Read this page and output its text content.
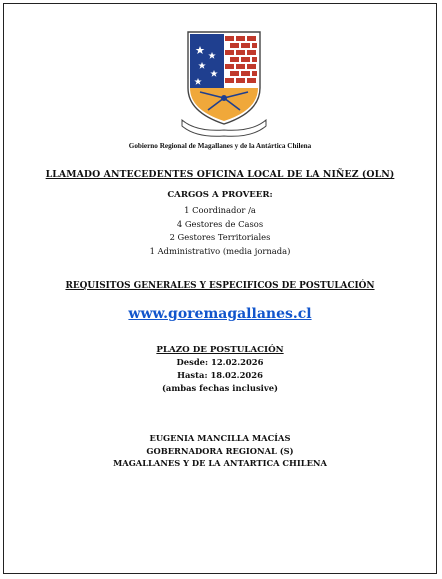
Gobierno Regional de Magallanes y de la Antártica Chilena
LLAMADO ANTECEDENTES OFICINA LOCAL DE LA NIÑEZ (OLN)
CARGOS A PROVEER:
1 Coordinador /a
4 Gestores de Casos
2 Gestores Territoriales
1 Administrativo (media jornada)
REQUISITOS GENERALES Y ESPECIFICOS DE POSTULACIÓN
www.goremagallanes.cl
PLAZO DE POSTULACIÓN
Desde: 12.02.2026
Hasta: 18.02.2026
(ambas fechas inclusive)
EUGENIA MANCILLA MACÍAS
GOBERNADORA REGIONAL (S)
MAGALLANES Y DE LA ANTARTICA CHILENA
